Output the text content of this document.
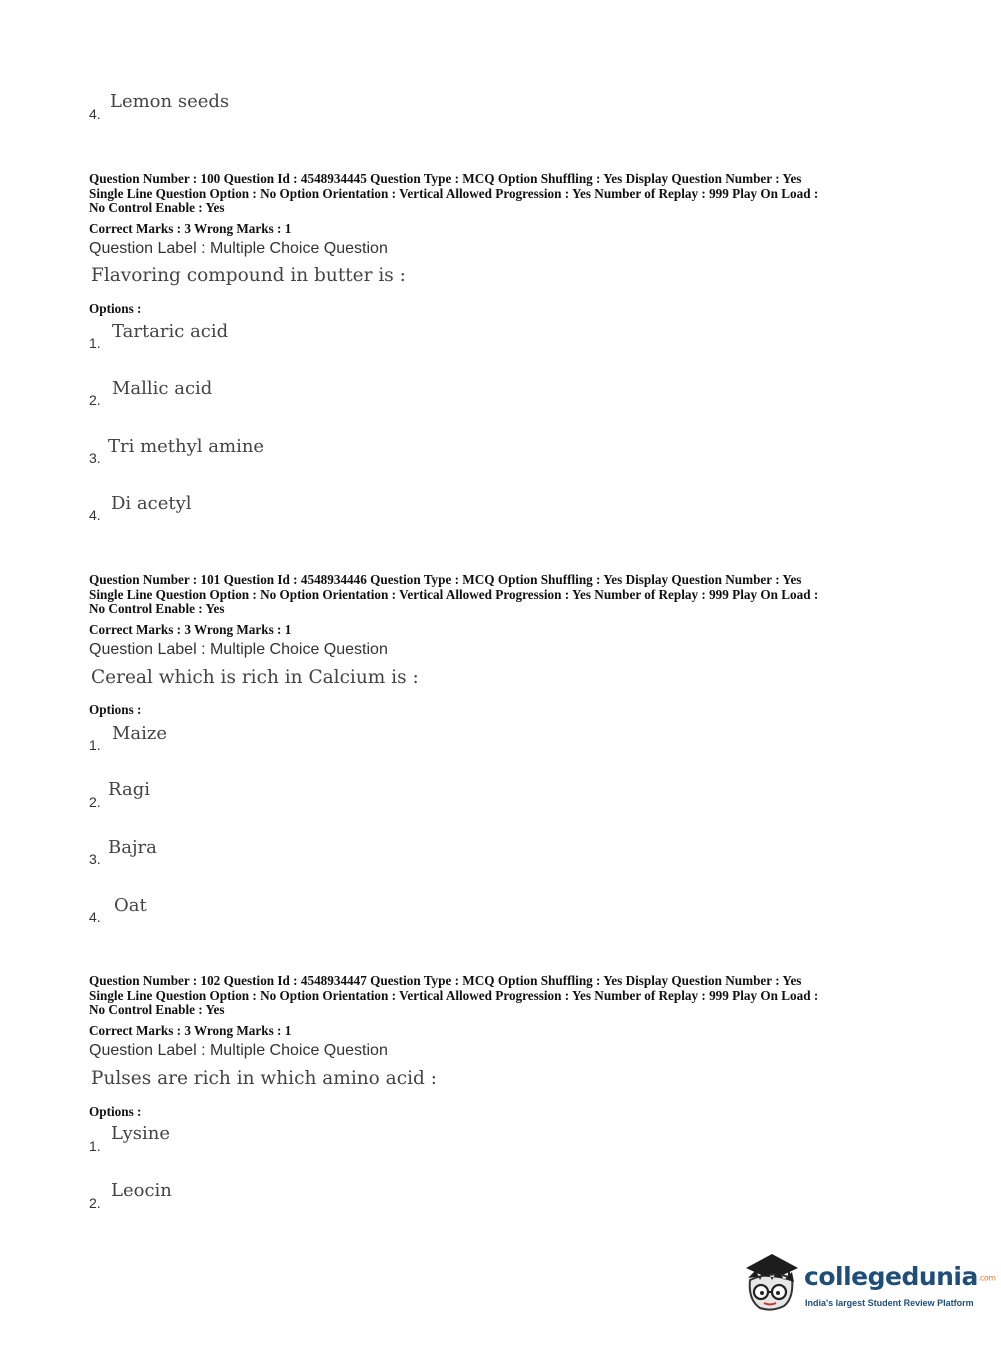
4.
Lemon seeds
Question Number : 100 Question Id : 4548934445 Question Type : MCQ Option Shuffling : Yes Display Question Number : Yes
Single Line Question Option : No Option Orientation : Vertical Allowed Progression : Yes Number of Replay : 999 Play On Load :
No Control Enable : Yes
Correct Marks : 3 Wrong Marks : 1
Question Label : Multiple Choice Question
Flavoring compound in butter is :
Options :
1.
Tartaric acid
2.
Mallic acid
3.
Tri methyl amine
4.
Di acetyl
Question Number : 101 Question Id : 4548934446 Question Type : MCQ Option Shuffling : Yes Display Question Number : Yes
Single Line Question Option : No Option Orientation : Vertical Allowed Progression : Yes Number of Replay : 999 Play On Load :
No Control Enable : Yes
Correct Marks : 3 Wrong Marks : 1
Question Label : Multiple Choice Question
Cereal which is rich in Calcium is :
Options :
1.
Maize
2.
Ragi
3.
Bajra
4.
Oat
Question Number : 102 Question Id : 4548934447 Question Type : MCQ Option Shuffling : Yes Display Question Number : Yes
Single Line Question Option : No Option Orientation : Vertical Allowed Progression : Yes Number of Replay : 999 Play On Load :
No Control Enable : Yes
Correct Marks : 3 Wrong Marks : 1
Question Label : Multiple Choice Question
Pulses are rich in which amino acid :
Options :
1.
Lysine
2.
Leocin
collegedunia.com
India's largest Student Review Platform
